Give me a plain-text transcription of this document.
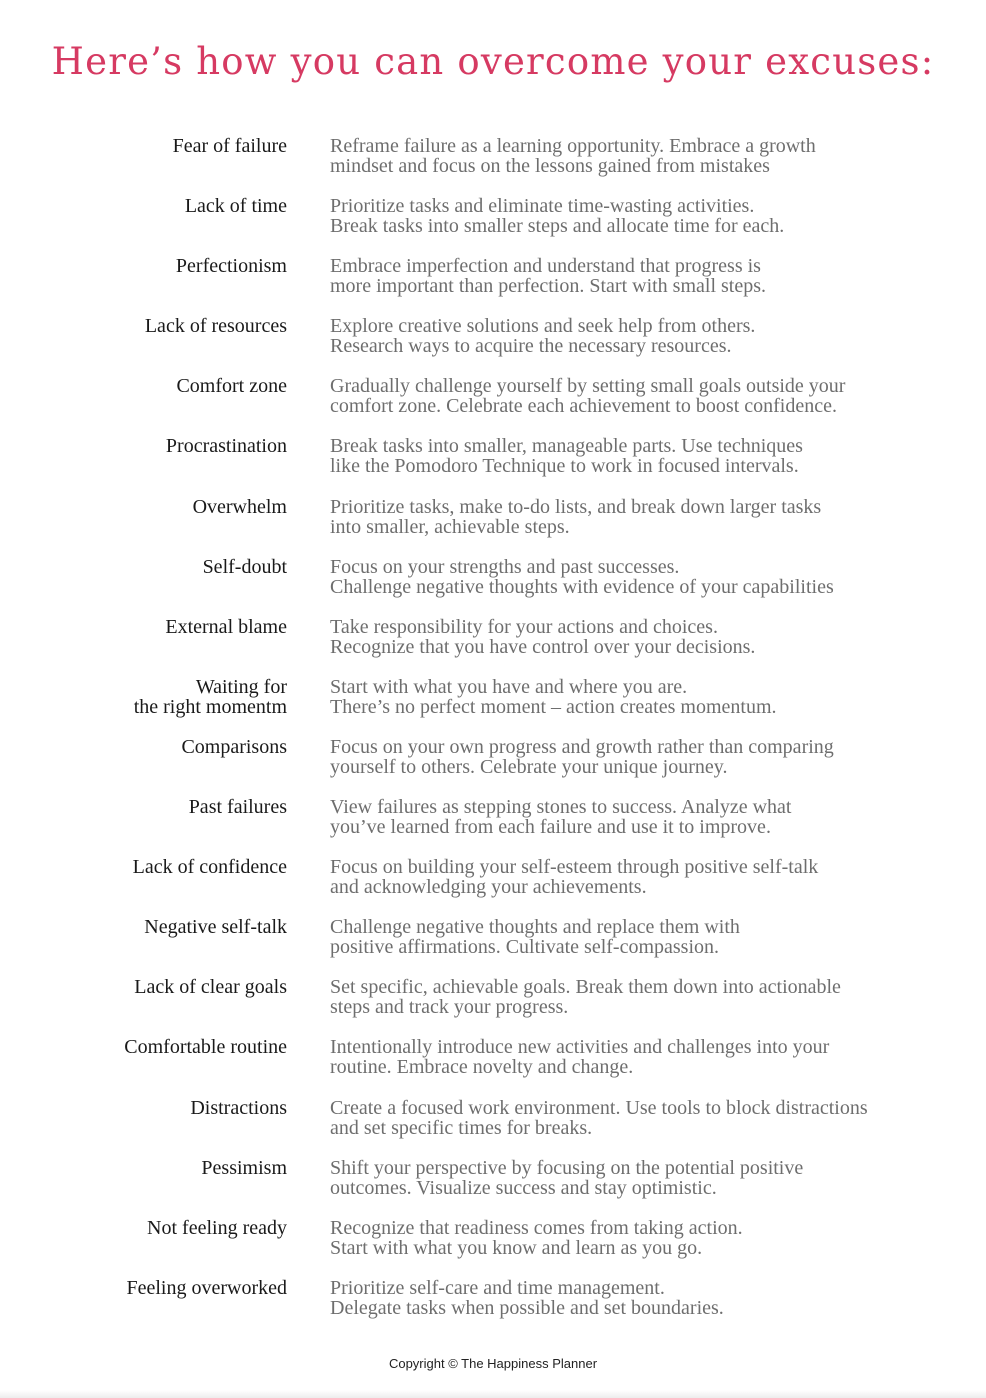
Here’s how you can overcome your excuses:
Fear of failure Reframe failure as a learning opportunity. Embrace a growth
mindset and focus on the lessons gained from mistakes
Lack of time Prioritize tasks and eliminate time-wasting activities.
Break tasks into smaller steps and allocate time for each.
Perfectionism Embrace imperfection and understand that progress is
more important than perfection. Start with small steps.
Lack of resources Explore creative solutions and seek help from others.
Research ways to acquire the necessary resources.
Comfort zone Gradually challenge yourself by setting small goals outside your
comfort zone. Celebrate each achievement to boost confidence.
Procrastination Break tasks into smaller, manageable parts. Use techniques
like the Pomodoro Technique to work in focused intervals.
Overwhelm Prioritize tasks, make to-do lists, and break down larger tasks
into smaller, achievable steps.
Self-doubt Focus on your strengths and past successes.
Challenge negative thoughts with evidence of your capabilities
External blame Take responsibility for your actions and choices.
Recognize that you have control over your decisions.
Waiting for
the right momentm
Start with what you have and where you are.
There’s no perfect moment – action creates momentum.
Comparisons Focus on your own progress and growth rather than comparing
yourself to others. Celebrate your unique journey.
Past failures View failures as stepping stones to success. Analyze what
you’ve learned from each failure and use it to improve.
Lack of confidence Focus on building your self-esteem through positive self-talk
and acknowledging your achievements.
Negative self-talk Challenge negative thoughts and replace them with
positive affirmations. Cultivate self-compassion.
Lack of clear goals Set specific, achievable goals. Break them down into actionable
steps and track your progress.
Comfortable routine Intentionally introduce new activities and challenges into your
routine. Embrace novelty and change.
Distractions Create a focused work environment. Use tools to block distractions
and set specific times for breaks.
Pessimism Shift your perspective by focusing on the potential positive
outcomes. Visualize success and stay optimistic.
Not feeling ready Recognize that readiness comes from taking action.
Start with what you know and learn as you go.
Feeling overworked Prioritize self-care and time management.
Delegate tasks when possible and set boundaries.
Copyright © The Happiness Planner
